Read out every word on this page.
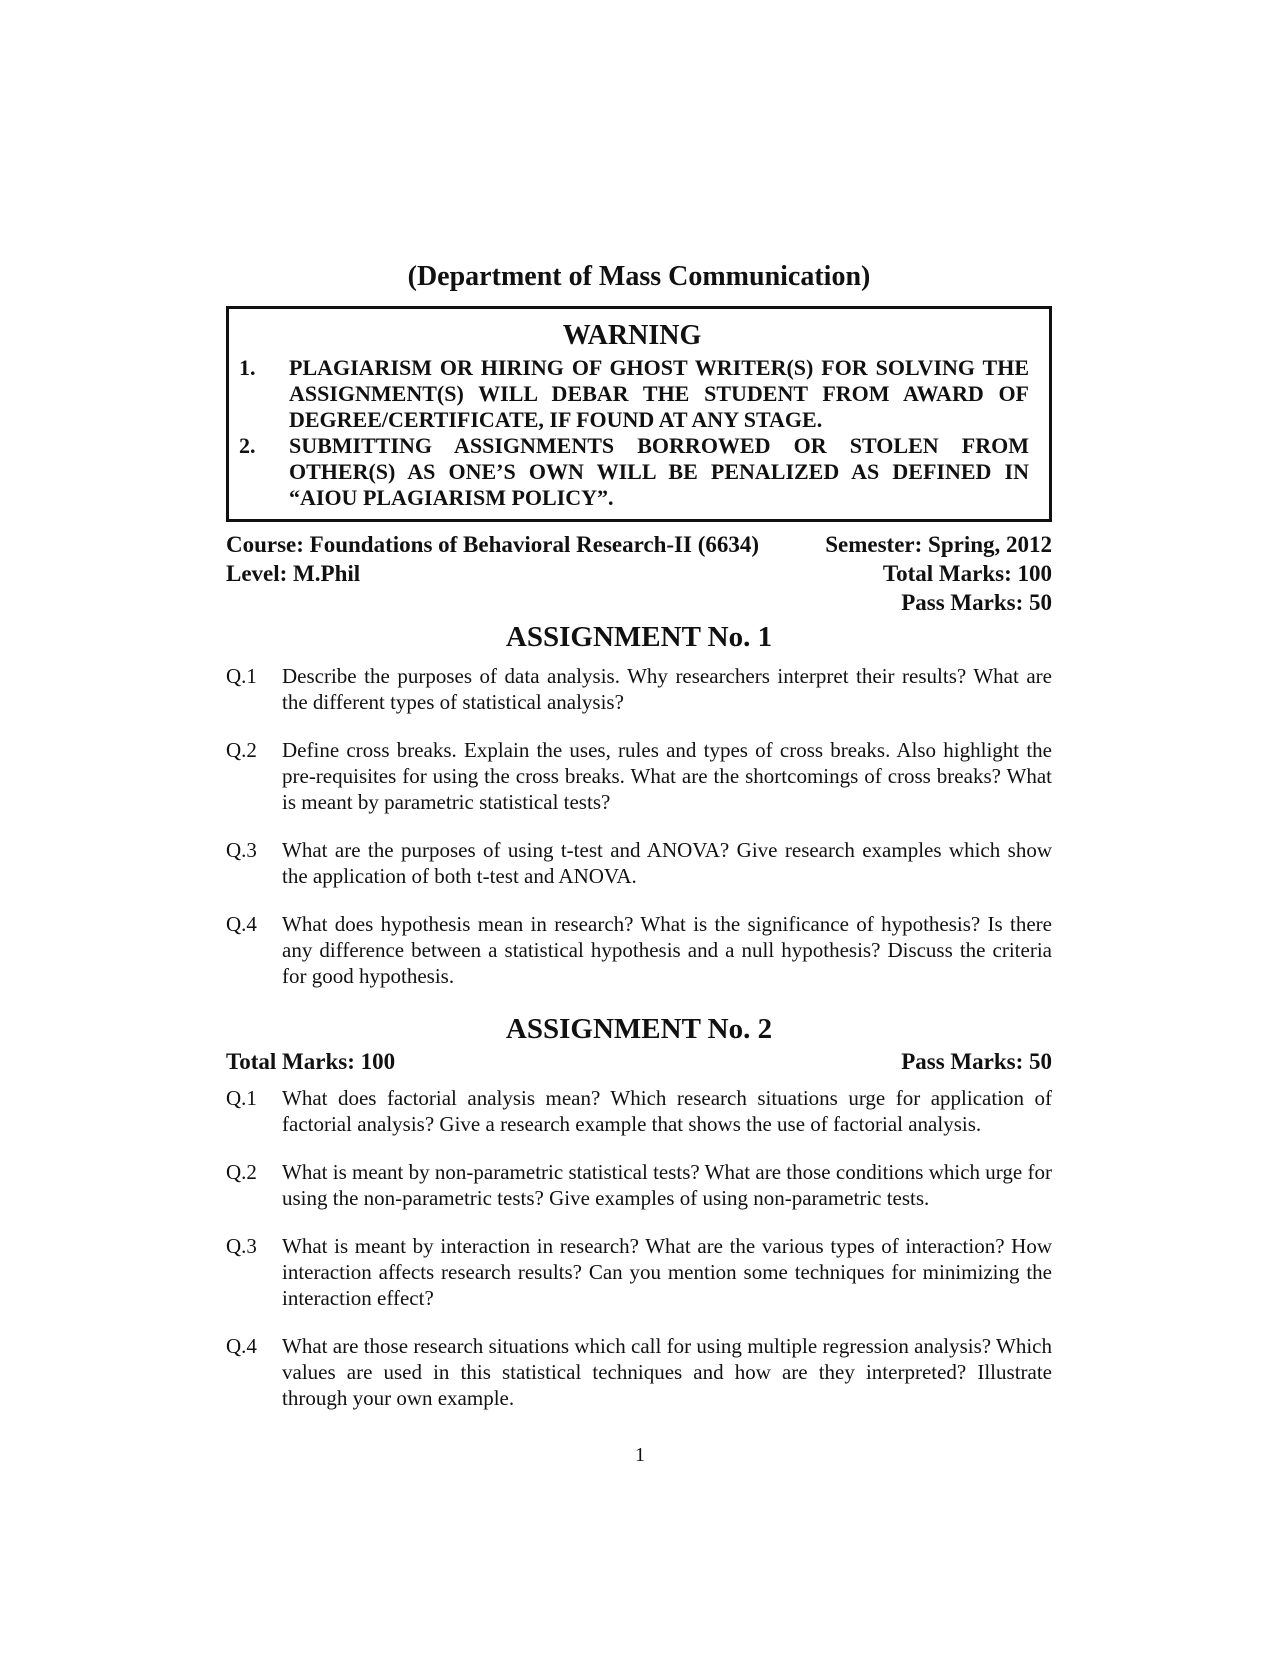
(Department of Mass Communication)
WARNING
1.	PLAGIARISM OR HIRING OF GHOST WRITER(S) FOR SOLVING THE ASSIGNMENT(S) WILL DEBAR THE STUDENT FROM AWARD OF DEGREE/CERTIFICATE, IF FOUND AT ANY STAGE.
2.	SUBMITTING ASSIGNMENTS BORROWED OR STOLEN FROM OTHER(S) AS ONE’S OWN WILL BE PENALIZED AS DEFINED IN “AIOU PLAGIARISM POLICY”.
Course: Foundations of Behavioral Research-II (6634)	Semester: Spring, 2012
Level: M.Phil	Total Marks: 100
Pass Marks: 50
ASSIGNMENT No. 1
Q.1	Describe the purposes of data analysis. Why researchers interpret their results? What are the different types of statistical analysis?
Q.2	Define cross breaks. Explain the uses, rules and types of cross breaks. Also highlight the pre-requisites for using the cross breaks. What are the shortcomings of cross breaks? What is meant by parametric statistical tests?
Q.3	What are the purposes of using t-test and ANOVA? Give research examples which show the application of both t-test and ANOVA.
Q.4	What does hypothesis mean in research? What is the significance of hypothesis? Is there any difference between a statistical hypothesis and a null hypothesis? Discuss the criteria for good hypothesis.
ASSIGNMENT No. 2
Total Marks: 100	Pass Marks: 50
Q.1	What does factorial analysis mean? Which research situations urge for application of factorial analysis? Give a research example that shows the use of factorial analysis.
Q.2	What is meant by non-parametric statistical tests? What are those conditions which urge for using the non-parametric tests? Give examples of using non-parametric tests.
Q.3	What is meant by interaction in research? What are the various types of interaction? How interaction affects research results? Can you mention some techniques for minimizing the interaction effect?
Q.4	What are those research situations which call for using multiple regression analysis? Which values are used in this statistical techniques and how are they interpreted? Illustrate through your own example.
1
